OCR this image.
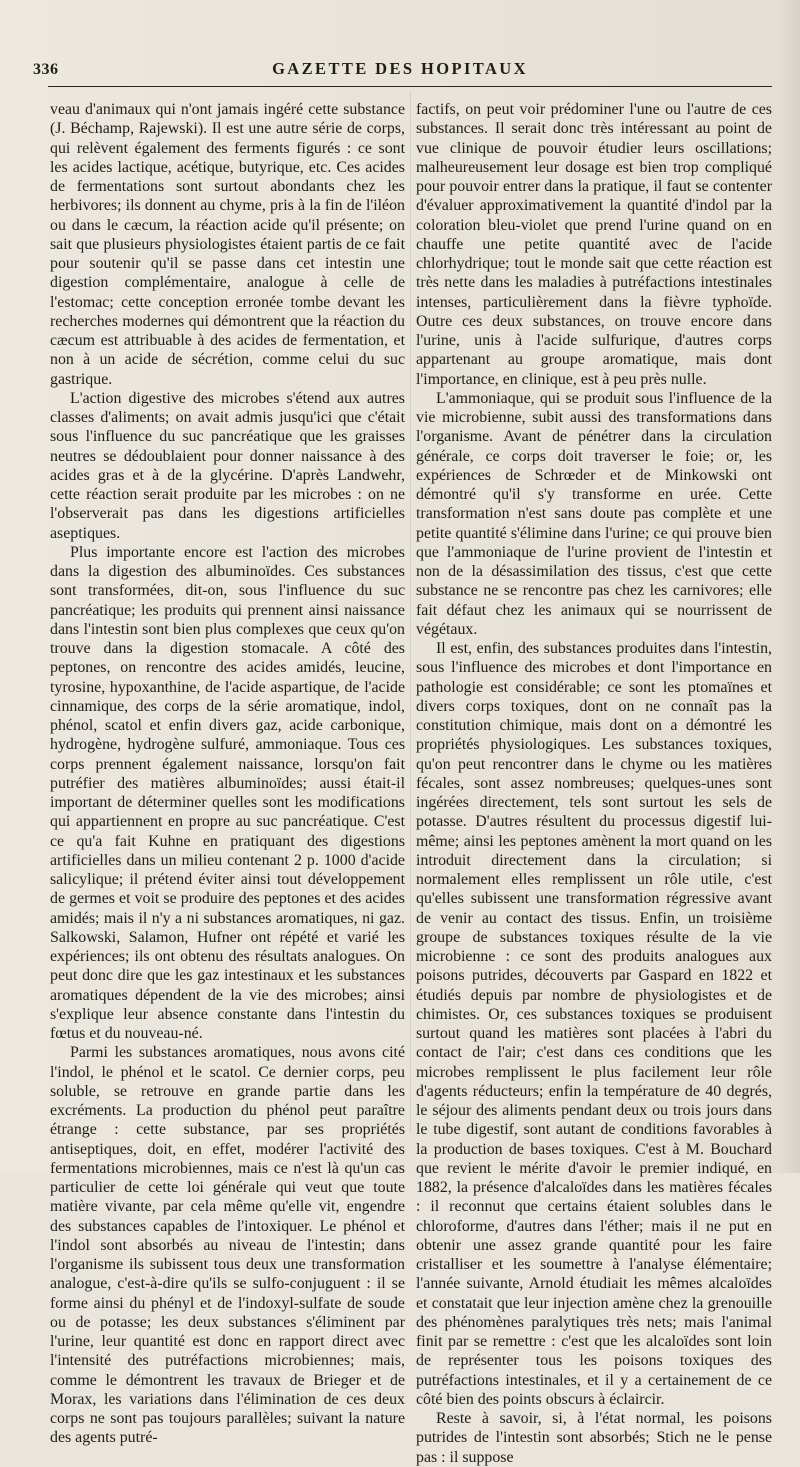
336	GAZETTE DES HOPITAUX

veau d'animaux qui n'ont jamais ingéré cette substance (J. Béchamp, Rajewski). Il est une autre série de corps, qui relèvent également des ferments figurés : ce sont les acides lactique, acétique, butyrique, etc. Ces acides de fermentations sont surtout abondants chez les herbivores; ils donnent au chyme, pris à la fin de l'iléon ou dans le cæcum, la réaction acide qu'il présente; on sait que plusieurs physiologistes étaient partis de ce fait pour soutenir qu'il se passe dans cet intestin une digestion complémentaire, analogue à celle de l'estomac; cette conception erronée tombe devant les recherches modernes qui démontrent que la réaction du cæcum est attribuable à des acides de fermentation, et non à un acide de sécrétion, comme celui du suc gastrique.

L'action digestive des microbes s'étend aux autres classes d'aliments; on avait admis jusqu'ici que c'était sous l'influence du suc pancréatique que les graisses neutres se dédoublaient pour donner naissance à des acides gras et à de la glycérine. D'après Landwehr, cette réaction serait produite par les microbes : on ne l'observerait pas dans les digestions artificielles aseptiques.

Plus importante encore est l'action des microbes dans la digestion des albuminoïdes. Ces substances sont transformées, dit-on, sous l'influence du suc pancréatique; les produits qui prennent ainsi naissance dans l'intestin sont bien plus complexes que ceux qu'on trouve dans la digestion stomacale. A côté des peptones, on rencontre des acides amidés, leucine, tyrosine, hypoxanthine, de l'acide aspartique, de l'acide cinnamique, des corps de la série aromatique, indol, phénol, scatol et enfin divers gaz, acide carbonique, hydrogène, hydrogène sulfuré, ammoniaque. Tous ces corps prennent également naissance, lorsqu'on fait putréfier des matières albuminoïdes; aussi était-il important de déterminer quelles sont les modifications qui appartiennent en propre au suc pancréatique. C'est ce qu'a fait Kuhne en pratiquant des digestions artificielles dans un milieu contenant 2 p. 1000 d'acide salicylique; il prétend éviter ainsi tout développement de germes et voit se produire des peptones et des acides amidés; mais il n'y a ni substances aromatiques, ni gaz. Salkowski, Salamon, Hufner ont répété et varié les expériences; ils ont obtenu des résultats analogues. On peut donc dire que les gaz intestinaux et les substances aromatiques dépendent de la vie des microbes; ainsi s'explique leur absence constante dans l'intestin du fœtus et du nouveau-né.

Parmi les substances aromatiques, nous avons cité l'indol, le phénol et le scatol. Ce dernier corps, peu soluble, se retrouve en grande partie dans les excréments. La production du phénol peut paraître étrange : cette substance, par ses propriétés antiseptiques, doit, en effet, modérer l'activité des fermentations microbiennes, mais ce n'est là qu'un cas particulier de cette loi générale qui veut que toute matière vivante, par cela même qu'elle vit, engendre des substances capables de l'intoxiquer. Le phénol et l'indol sont absorbés au niveau de l'intestin; dans l'organisme ils subissent tous deux une transformation analogue, c'est-à-dire qu'ils se sulfo-conjuguent : il se forme ainsi du phényl et de l'indoxyl-sulfate de soude ou de potasse; les deux substances s'éliminent par l'urine, leur quantité est donc en rapport direct avec l'intensité des putréfactions microbiennes; mais, comme le démontrent les travaux de Brieger et de Morax, les variations dans l'élimination de ces deux corps ne sont pas toujours parallèles; suivant la nature des agents putré-

factifs, on peut voir prédominer l'une ou l'autre de ces substances. Il serait donc très intéressant au point de vue clinique de pouvoir étudier leurs oscillations; malheureusement leur dosage est bien trop compliqué pour pouvoir entrer dans la pratique, il faut se contenter d'évaluer approximativement la quantité d'indol par la coloration bleu-violet que prend l'urine quand on en chauffe une petite quantité avec de l'acide chlorhydrique; tout le monde sait que cette réaction est très nette dans les maladies à putréfactions intestinales intenses, particulièrement dans la fièvre typhoïde. Outre ces deux substances, on trouve encore dans l'urine, unis à l'acide sulfurique, d'autres corps appartenant au groupe aromatique, mais dont l'importance, en clinique, est à peu près nulle.

L'ammoniaque, qui se produit sous l'influence de la vie microbienne, subit aussi des transformations dans l'organisme. Avant de pénétrer dans la circulation générale, ce corps doit traverser le foie; or, les expériences de Schrœder et de Minkowski ont démontré qu'il s'y transforme en urée. Cette transformation n'est sans doute pas complète et une petite quantité s'élimine dans l'urine; ce qui prouve bien que l'ammoniaque de l'urine provient de l'intestin et non de la désassimilation des tissus, c'est que cette substance ne se rencontre pas chez les carnivores; elle fait défaut chez les animaux qui se nourrissent de végétaux.

Il est, enfin, des substances produites dans l'intestin, sous l'influence des microbes et dont l'importance en pathologie est considérable; ce sont les ptomaïnes et divers corps toxiques, dont on ne connaît pas la constitution chimique, mais dont on a démontré les propriétés physiologiques. Les substances toxiques, qu'on peut rencontrer dans le chyme ou les matières fécales, sont assez nombreuses; quelques-unes sont ingérées directement, tels sont surtout les sels de potasse. D'autres résultent du processus digestif lui-même; ainsi les peptones amènent la mort quand on les introduit directement dans la circulation; si normalement elles remplissent un rôle utile, c'est qu'elles subissent une transformation régressive avant de venir au contact des tissus. Enfin, un troisième groupe de substances toxiques résulte de la vie microbienne : ce sont des produits analogues aux poisons putrides, découverts par Gaspard en 1822 et étudiés depuis par nombre de physiologistes et de chimistes. Or, ces substances toxiques se produisent surtout quand les matières sont placées à l'abri du contact de l'air; c'est dans ces conditions que les microbes remplissent le plus facilement leur rôle d'agents réducteurs; enfin la température de 40 degrés, le séjour des aliments pendant deux ou trois jours dans le tube digestif, sont autant de conditions favorables à la production de bases toxiques. C'est à M. Bouchard que revient le mérite d'avoir le premier indiqué, en 1882, la présence d'alcaloïdes dans les matières fécales : il reconnut que certains étaient solubles dans le chloroforme, d'autres dans l'éther; mais il ne put en obtenir une assez grande quantité pour les faire cristalliser et les soumettre à l'analyse élémentaire; l'année suivante, Arnold étudiait les mêmes alcaloïdes et constatait que leur injection amène chez la grenouille des phénomènes paralytiques très nets; mais l'animal finit par se remettre : c'est que les alcaloïdes sont loin de représenter tous les poisons toxiques des putréfactions intestinales, et il y a certainement de ce côté bien des points obscurs à éclaircir.

Reste à savoir, si, à l'état normal, les poisons putrides de l'intestin sont absorbés; Stich ne le pense pas : il suppose
